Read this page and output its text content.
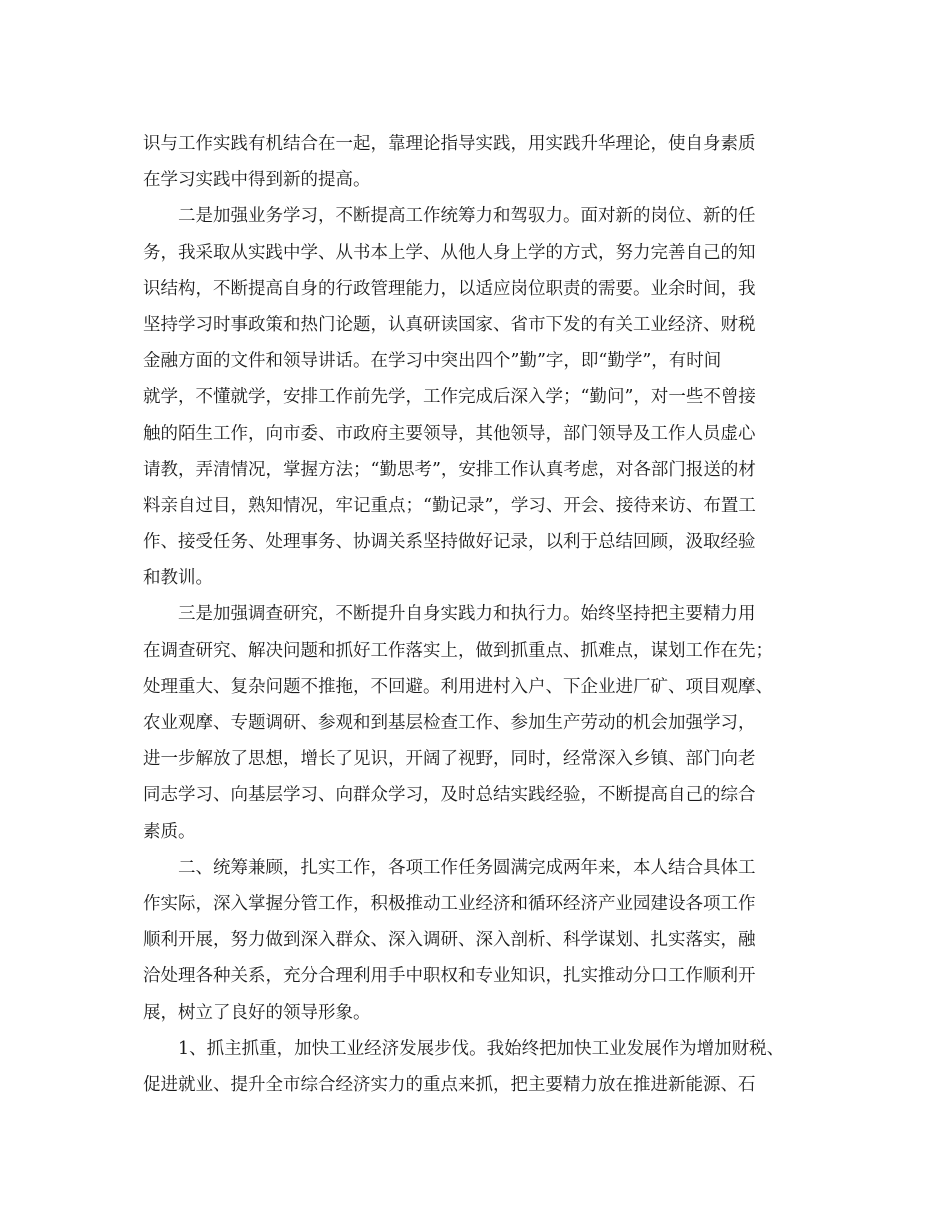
识与工作实践有机结合在一起，靠理论指导实践，用实践升华理论，使自身素质
在学习实践中得到新的提高。
二是加强业务学习，不断提高工作统筹力和驾驭力。面对新的岗位、新的任
务，我采取从实践中学、从书本上学、从他人身上学的方式，努力完善自己的知
识结构，不断提高自身的行政管理能力，以适应岗位职责的需要。业余时间，我
坚持学习时事政策和热门论题，认真研读国家、省市下发的有关工业经济、财税
金融方面的文件和领导讲话。在学习中突出四个”勤”字，即“勤学”，有时间
就学，不懂就学，安排工作前先学，工作完成后深入学；“勤问”，对一些不曾接
触的陌生工作，向市委、市政府主要领导，其他领导，部门领导及工作人员虚心
请教，弄清情况，掌握方法；“勤思考”，安排工作认真考虑，对各部门报送的材
料亲自过目，熟知情况，牢记重点；“勤记录”，学习、开会、接待来访、布置工
作、接受任务、处理事务、协调关系坚持做好记录，以利于总结回顾，汲取经验
和教训。
三是加强调查研究，不断提升自身实践力和执行力。始终坚持把主要精力用
在调查研究、解决问题和抓好工作落实上，做到抓重点、抓难点，谋划工作在先；
处理重大、复杂问题不推拖，不回避。利用进村入户、下企业进厂矿、项目观摩、
农业观摩、专题调研、参观和到基层检查工作、参加生产劳动的机会加强学习，
进一步解放了思想，增长了见识，开阔了视野，同时，经常深入乡镇、部门向老
同志学习、向基层学习、向群众学习，及时总结实践经验，不断提高自己的综合
素质。
二、统筹兼顾，扎实工作，各项工作任务圆满完成两年来，本人结合具体工
作实际，深入掌握分管工作，积极推动工业经济和循环经济产业园建设各项工作
顺利开展，努力做到深入群众、深入调研、深入剖析、科学谋划、扎实落实，融
洽处理各种关系，充分合理利用手中职权和专业知识，扎实推动分口工作顺利开
展，树立了良好的领导形象。
1、抓主抓重，加快工业经济发展步伐。我始终把加快工业发展作为增加财税、
促进就业、提升全市综合经济实力的重点来抓，把主要精力放在推进新能源、石
